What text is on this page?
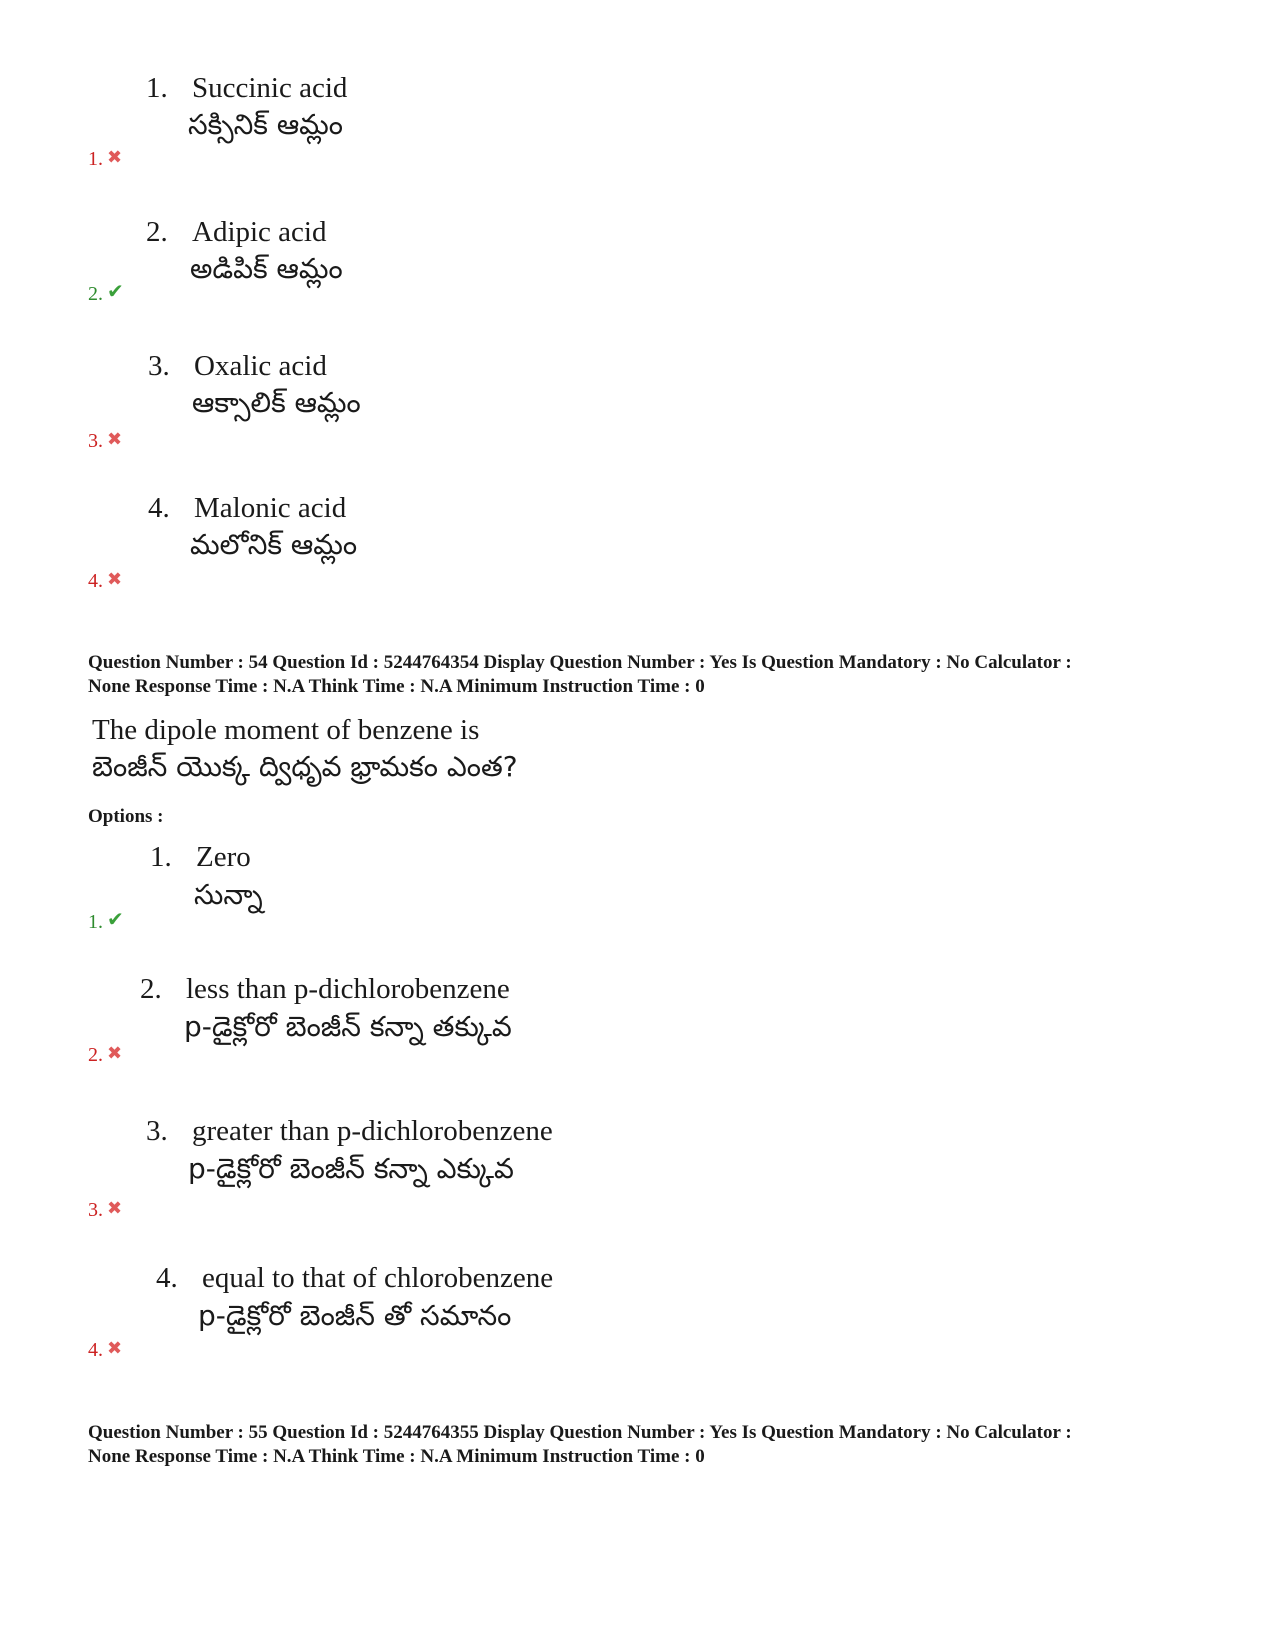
1. Succinic acid
సక్సినిక్ ఆమ్లం
1. ✖
2. Adipic acid
అడిపిక్ ఆమ్లం
2. ✔
3. Oxalic acid
ఆక్సాలిక్ ఆమ్లం
3. ✖
4. Malonic acid
మలోనిక్ ఆమ్లం
4. ✖
Question Number : 54 Question Id : 5244764354 Display Question Number : Yes Is Question Mandatory : No Calculator :
None Response Time : N.A Think Time : N.A Minimum Instruction Time : 0
The dipole moment of benzene is
బెంజీన్ యొక్క ద్విధృవ భ్రామకం ఎంత?
Options :
1. Zero
సున్నా
1. ✔
2. less than p-dichlorobenzene
p-డైక్లోరో బెంజీన్ కన్నా తక్కువ
2. ✖
3. greater than p-dichlorobenzene
p-డైక్లోరో బెంజీన్ కన్నా ఎక్కువ
3. ✖
4. equal to that of chlorobenzene
p-డైక్లోరో బెంజీన్ తో సమానం
4. ✖
Question Number : 55 Question Id : 5244764355 Display Question Number : Yes Is Question Mandatory : No Calculator :
None Response Time : N.A Think Time : N.A Minimum Instruction Time : 0
